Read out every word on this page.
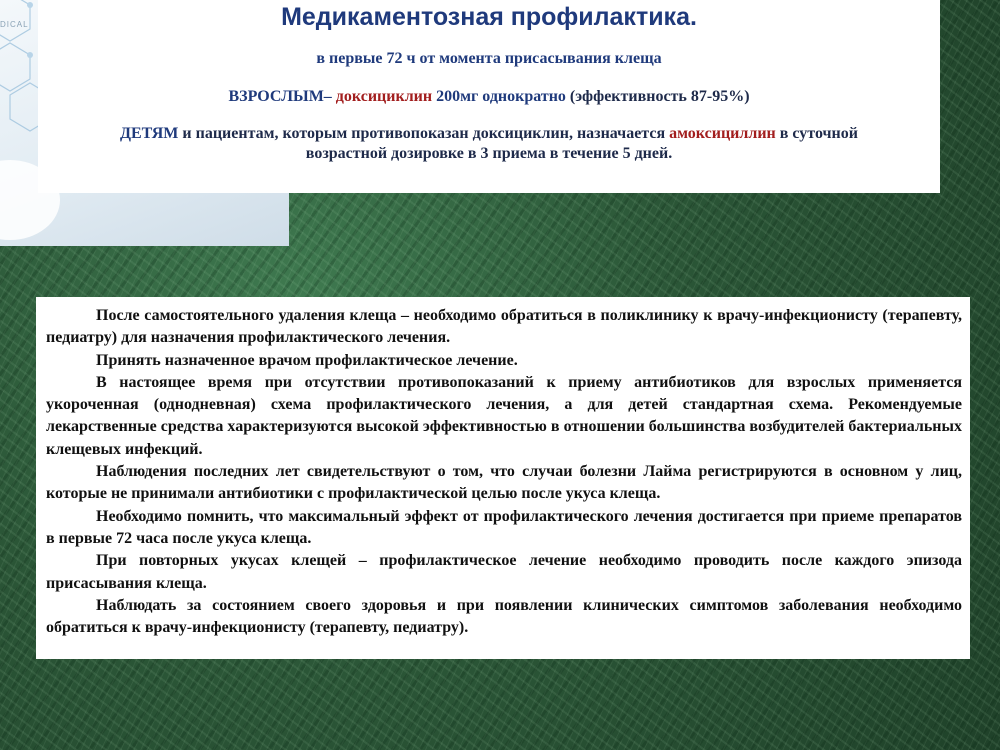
DICAL	Медикаментозная профилактика.
в первые 72 ч от момента присасывания клеща
ВЗРОСЛЫМ– доксициклин 200мг однократно (эффективность 87-95%)
ДЕТЯМ и пациентам, которым противопоказан доксициклин, назначается амоксициллин в суточной возрастной дозировке в 3 приема в течение 5 дней.

После самостоятельного удаления клеща – необходимо обратиться в поликлинику к врачу-инфекционисту (терапевту, педиатру) для назначения профилактического лечения.

Принять назначенное врачом профилактическое лечение.

В настоящее время при отсутствии противопоказаний к приему антибиотиков для взрослых применяется укороченная (однодневная) схема профилактического лечения, а для детей стандартная схема. Рекомендуемые лекарственные средства характеризуются высокой эффективностью в отношении большинства возбудителей бактериальных клещевых инфекций.

Наблюдения последних лет свидетельствуют о том, что случаи болезни Лайма регистрируются в основном у лиц, которые не принимали антибиотики с профилактической целью после укуса клеща.

Необходимо помнить, что максимальный эффект от профилактического лечения достигается при приеме препаратов в первые 72 часа после укуса клеща.

При повторных укусах клещей – профилактическое лечение необходимо проводить после каждого эпизода присасывания клеща.

Наблюдать за состоянием своего здоровья и при появлении клинических симптомов заболевания необходимо обратиться к врачу-инфекционисту (терапевту, педиатру).
